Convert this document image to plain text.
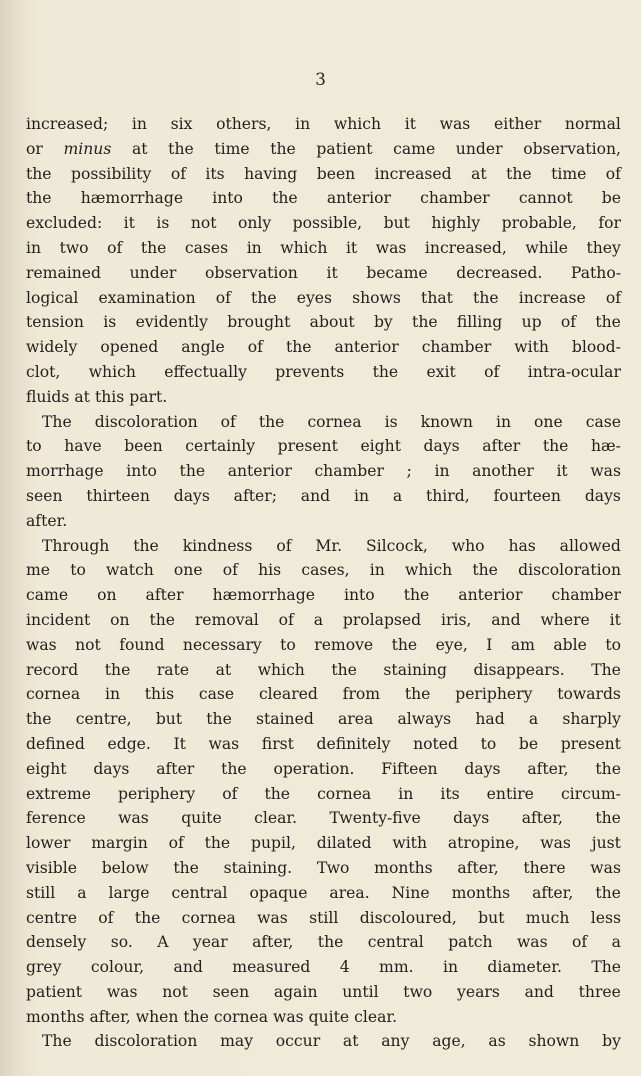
3
increased; in six others, in which it was either normal
or minus at the time the patient came under observation,
the possibility of its having been increased at the time of
the hæmorrhage into the anterior chamber cannot be
excluded: it is not only possible, but highly probable, for
in two of the cases in which it was increased, while they
remained under observation it became decreased. Patho-
logical examination of the eyes shows that the increase of
tension is evidently brought about by the filling up of the
widely opened angle of the anterior chamber with blood-
clot, which effectually prevents the exit of intra-ocular
fluids
at
this
part.
The discoloration of the cornea is known in one case
to have been certainly present eight days after the hæ-
morrhage into the anterior chamber ; in another it was
seen thirteen days after; and in a third, fourteen days
after.
Through the kindness of Mr. Silcock, who has allowed
me to watch one of his cases, in which the discoloration
came on after hæmorrhage into the anterior chamber
incident on the removal of a prolapsed iris, and where it
was not found necessary to remove the eye, I am able to
record the rate at which the staining disappears. The
cornea in this case cleared from the periphery towards
the centre, but the stained area always had a sharply
defined edge. It was first definitely noted to be present
eight days after the operation. Fifteen days after, the
extreme periphery of the cornea in its entire circum-
ference was quite clear. Twenty-five days after, the
lower margin of the pupil, dilated with atropine, was just
visible below the staining. Two months after, there was
still a large central opaque area. Nine months after, the
centre of the cornea was still discoloured, but much less
densely so. A year after, the central patch was of a
grey colour, and measured 4 mm. in diameter. The
patient was not seen again until two years and three
months
after,
when
the
cornea
was
quite
clear.
The discoloration may occur at any age, as shown by
